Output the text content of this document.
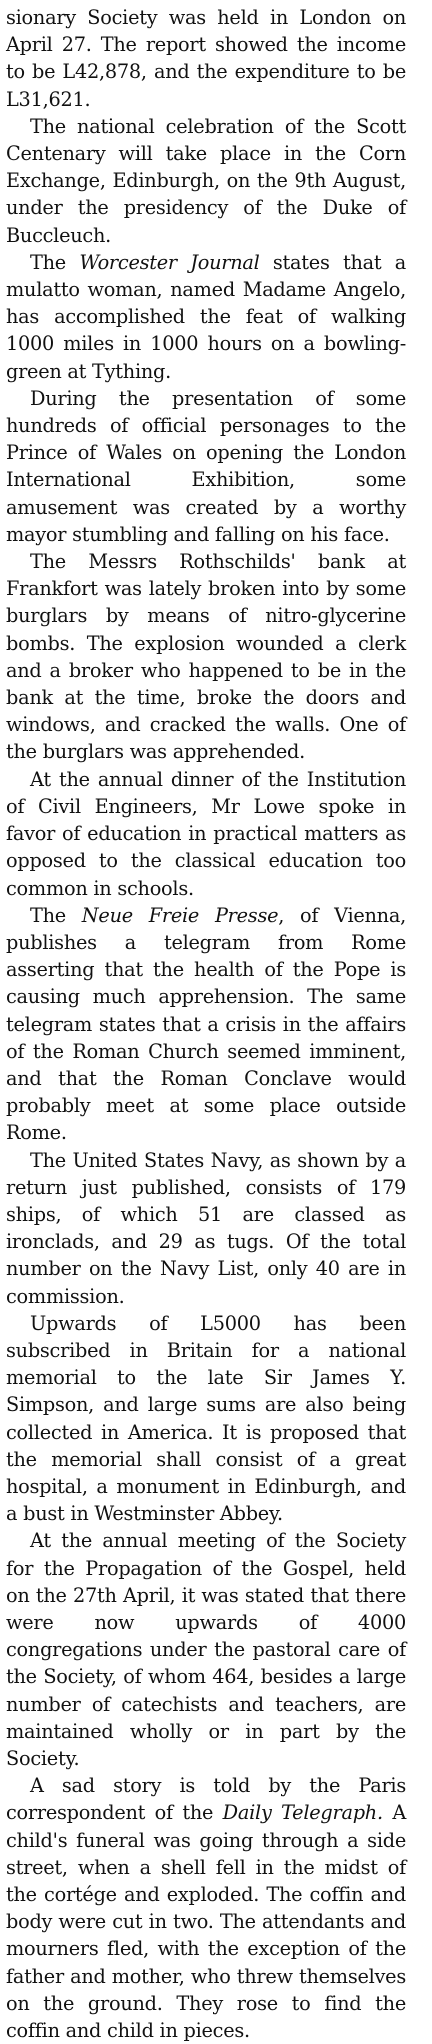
sionary Society was held in London on April 27. The report showed the income to be L42,878, and the expenditure to be L31,621.

The national celebration of the Scott Centenary will take place in the Corn Exchange, Edinburgh, on the 9th August, under the presidency of the Duke of Buccleuch.

The Worcester Journal states that a mulatto woman, named Madame Angelo, has accomplished the feat of walking 1000 miles in 1000 hours on a bowling-green at Tything.

During the presentation of some hundreds of official personages to the Prince of Wales on opening the London International Exhibition, some amusement was created by a worthy mayor stumbling and falling on his face.

The Messrs Rothschilds' bank at Frankfort was lately broken into by some burglars by means of nitro-glycerine bombs. The explosion wounded a clerk and a broker who happened to be in the bank at the time, broke the doors and windows, and cracked the walls. One of the burglars was apprehended.

At the annual dinner of the Institution of Civil Engineers, Mr Lowe spoke in favor of education in practical matters as opposed to the classical education too common in schools.

The Neue Freie Presse, of Vienna, publishes a telegram from Rome asserting that the health of the Pope is causing much apprehension. The same telegram states that a crisis in the affairs of the Roman Church seemed imminent, and that the Roman Conclave would probably meet at some place outside Rome.

The United States Navy, as shown by a return just published, consists of 179 ships, of which 51 are classed as ironclads, and 29 as tugs. Of the total number on the Navy List, only 40 are in commission.

Upwards of L5000 has been subscribed in Britain for a national memorial to the late Sir James Y. Simpson, and large sums are also being collected in America. It is proposed that the memorial shall consist of a great hospital, a monument in Edinburgh, and a bust in Westminster Abbey.

At the annual meeting of the Society for the Propagation of the Gospel, held on the 27th April, it was stated that there were now upwards of 4000 congregations under the pastoral care of the Society, of whom 464, besides a large number of catechists and teachers, are maintained wholly or in part by the Society.

A sad story is told by the Paris correspondent of the Daily Telegraph. A child's funeral was going through a side street, when a shell fell in the midst of the cortége and exploded. The coffin and body were cut in two. The attendants and mourners fled, with the exception of the father and mother, who threw themselves on the ground. They rose to find the coffin and child in pieces.
